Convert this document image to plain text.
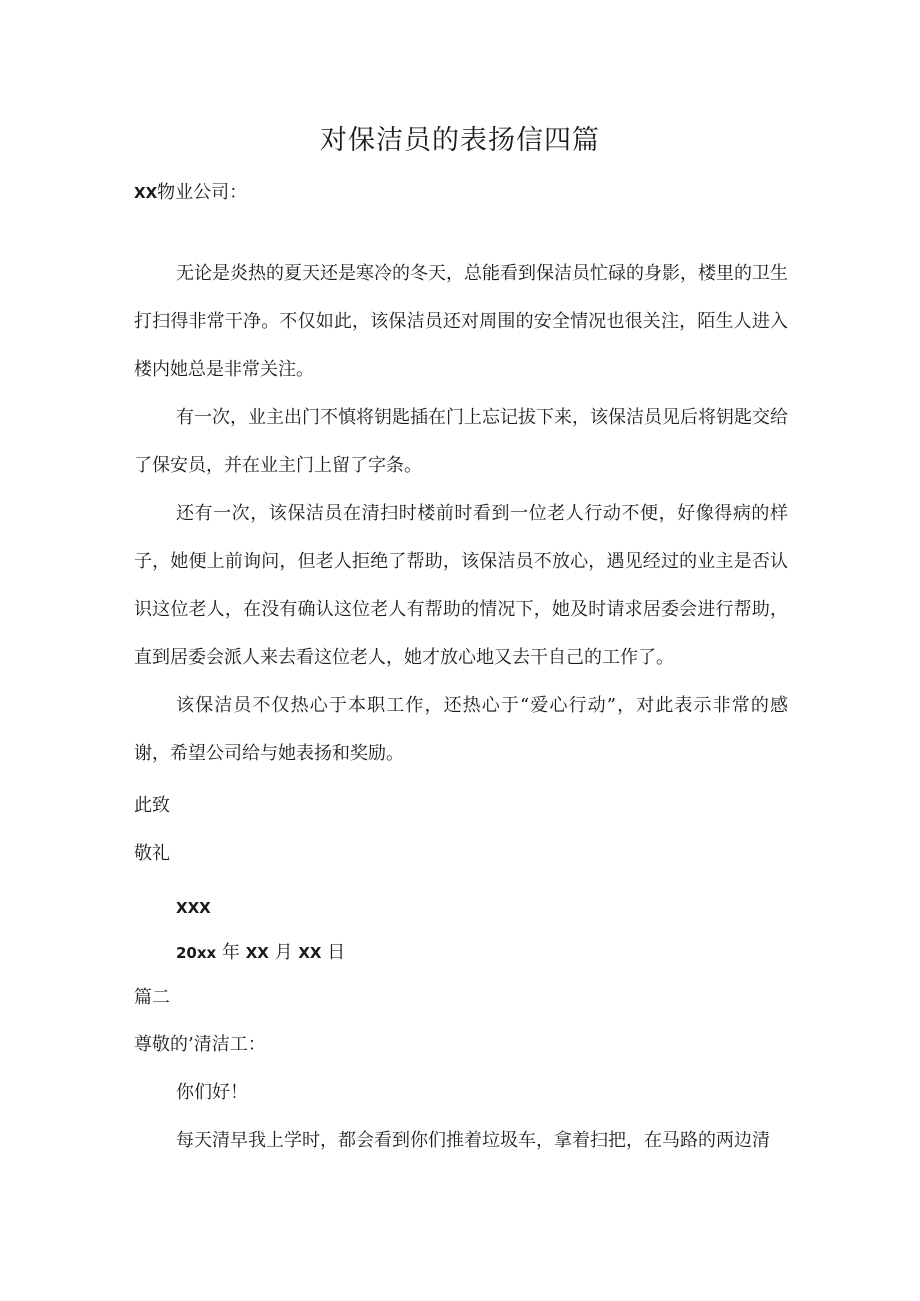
对保洁员的表扬信四篇
XX物业公司：
无论是炎热的夏天还是寒冷的冬天，总能看到保洁员忙碌的身影，楼里的卫生打扫得非常干净。不仅如此，该保洁员还对周围的安全情况也很关注，陌生人进入楼内她总是非常关注。
有一次，业主出门不慎将钥匙插在门上忘记拔下来，该保洁员见后将钥匙交给了保安员，并在业主门上留了字条。
还有一次，该保洁员在清扫时楼前时看到一位老人行动不便，好像得病的样子，她便上前询问，但老人拒绝了帮助，该保洁员不放心，遇见经过的业主是否认识这位老人，在没有确认这位老人有帮助的情况下，她及时请求居委会进行帮助，直到居委会派人来去看这位老人，她才放心地又去干自己的工作了。
该保洁员不仅热心于本职工作，还热心于“爱心行动”，对此表示非常的感谢，希望公司给与她表扬和奖励。
此致
敬礼
XXX
20xx 年 XX 月 XX 日
篇二
尊敬的’清洁工：
你们好！
每天清早我上学时，都会看到你们推着垃圾车，拿着扫把，在马路的两边清
